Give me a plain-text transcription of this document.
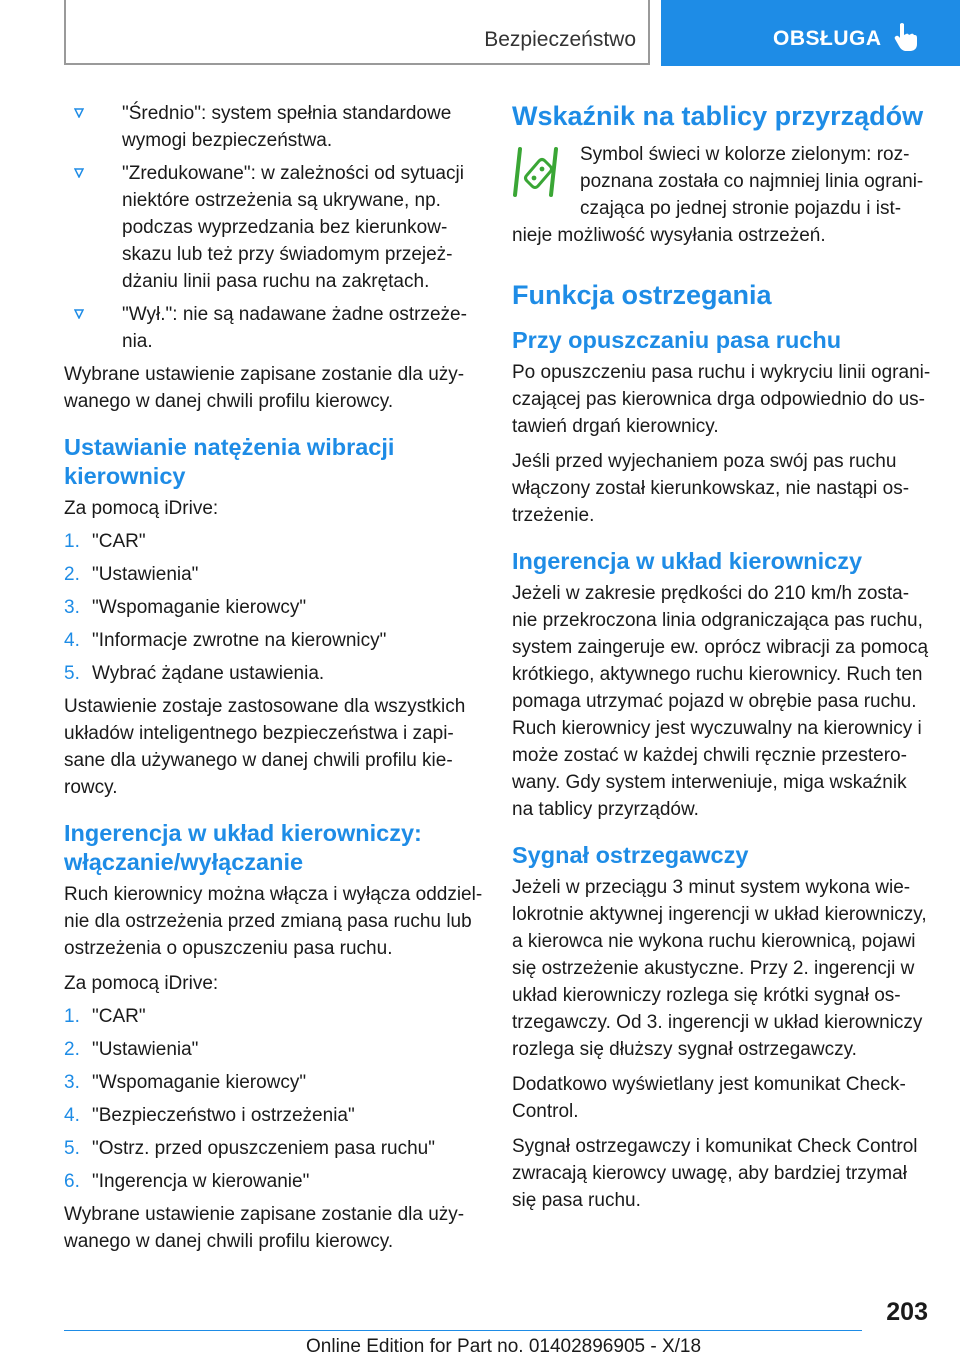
Bezpieczeństwo	OBSŁUGA
"Średnio": system spełnia standardowe
wymogi bezpieczeństwa.
"Zredukowane": w zależności od sytuacji
niektóre ostrzeżenia są ukrywane, np.
podczas wyprzedzania bez kierunkow-
skazu lub też przy świadomym przejeż-
dżaniu linii pasa ruchu na zakrętach.
"Wył.": nie są nadawane żadne ostrzeże-
nia.

Wybrane ustawienie zapisane zostanie dla uży-
wanego w danej chwili profilu kierowcy.

Ustawianie natężenia wibracji
kierownicy

Za pomocą iDrive:

1. "CAR"
2. "Ustawienia"
3. "Wspomaganie kierowcy"
4. "Informacje zwrotne na kierownicy"
5. Wybrać żądane ustawienia.

Ustawienie zostaje zastosowane dla wszystkich
układów inteligentnego bezpieczeństwa i zapi-
sane dla używanego w danej chwili profilu kie-
rowcy.

Ingerencja w układ kierowniczy:
włączanie/wyłączanie

Ruch kierownicy można włącza i wyłącza oddziel-
nie dla ostrzeżenia przed zmianą pasa ruchu lub
ostrzeżenia o opuszczeniu pasa ruchu.

Za pomocą iDrive:

1. "CAR"
2. "Ustawienia"
3. "Wspomaganie kierowcy"
4. "Bezpieczeństwo i ostrzeżenia"
5. "Ostrz. przed opuszczeniem pasa ruchu"
6. "Ingerencja w kierowanie"

Wybrane ustawienie zapisane zostanie dla uży-
wanego w danej chwili profilu kierowcy.

Wskaźnik na tablicy przyrządów

Symbol świeci w kolorze zielonym: roz-
poznana została co najmniej linia ograni-
czająca po jednej stronie pojazdu i ist-

nieje możliwość wysyłania ostrzeżeń.

Funkcja ostrzegania
Przy opuszczaniu pasa ruchu

Po opuszczeniu pasa ruchu i wykryciu linii ograni-
czającej pas kierownica drga odpowiednio do us-
tawień drgań kierownicy.

Jeśli przed wyjechaniem poza swój pas ruchu
włączony został kierunkowskaz, nie nastąpi os-
trzeżenie.

Ingerencja w układ kierowniczy

Jeżeli w zakresie prędkości do 210 km/h zosta-
nie przekroczona linia odgraniczająca pas ruchu,
system zaingeruje ew. oprócz wibracji za pomocą
krótkiego, aktywnego ruchu kierownicy. Ruch ten
pomaga utrzymać pojazd w obrębie pasa ruchu.
Ruch kierownicy jest wyczuwalny na kierownicy i
może zostać w każdej chwili ręcznie przestero-
wany. Gdy system interweniuje, miga wskaźnik
na tablicy przyrządów.

Sygnał ostrzegawczy

Jeżeli w przeciągu 3 minut system wykona wie-
lokrotnie aktywnej ingerencji w układ kierowniczy,
a kierowca nie wykona ruchu kierownicą, pojawi
się ostrzeżenie akustyczne. Przy 2. ingerencji w
układ kierowniczy rozlega się krótki sygnał os-
trzegawczy. Od 3. ingerencji w układ kierowniczy
rozlega się dłuższy sygnał ostrzegawczy.

Dodatkowo wyświetlany jest komunikat Check-
Control.

Sygnał ostrzegawczy i komunikat Check Control
zwracają kierowcy uwagę, aby bardziej trzymał
się pasa ruchu.

203
Online Edition for Part no. 01402896905 - X/18
